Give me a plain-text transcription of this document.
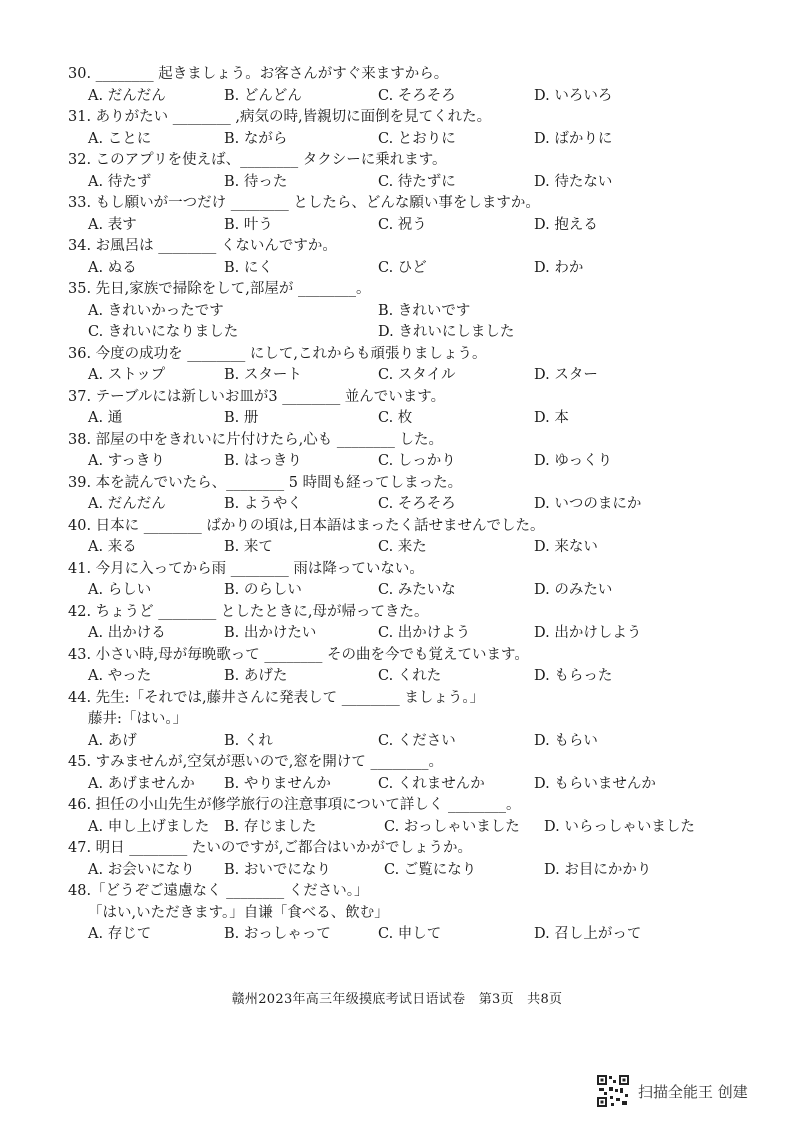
30. ________ 起きましょう。お客さんがすぐ来ますから。
A. だんだん	B. どんどん	C. そろそろ	D. いろいろ
31. ありがたい ________ ,病気の時,皆親切に面倒を見てくれた。
A. ことに	B. ながら	C. とおりに	D. ばかりに
32. このアプリを使えば、________ タクシーに乗れます。
A. 待たず	B. 待った	C. 待たずに	D. 待たない
33. もし願いが一つだけ ________ としたら、どんな願い事をしますか。
A. 表す	B. 叶う	C. 祝う	D. 抱える
34. お風呂は ________ くないんですか。
A. ぬる	B. にく	C. ひど	D. わか
35. 先日,家族で掃除をして,部屋が ________。
A. きれいかったです	B. きれいです
C. きれいになりました	D. きれいにしました
36. 今度の成功を ________ にして,これからも頑張りましょう。
A. ストップ	B. スタート	C. スタイル	D. スター
37. テーブルには新しいお皿が3 ________ 並んでいます。
A. 通	B. 册	C. 枚	D. 本
38. 部屋の中をきれいに片付けたら,心も ________ した。
A. すっきり	B. はっきり	C. しっかり	D. ゆっくり
39. 本を読んでいたら、________ 5 時間も経ってしまった。
A. だんだん	B. ようやく	C. そろそろ	D. いつのまにか
40. 日本に ________ ばかりの頃は,日本語はまったく話せませんでした。
A. 来る	B. 来て	C. 来た	D. 来ない
41. 今月に入ってから雨 ________ 雨は降っていない。
A. らしい	B. のらしい	C. みたいな	D. のみたい
42. ちょうど ________ としたときに,母が帰ってきた。
A. 出かける	B. 出かけたい	C. 出かけよう	D. 出かけしよう
43. 小さい時,母が毎晩歌って ________ その曲を今でも覚えています。
A. やった	B. あげた	C. くれた	D. もらった
44. 先生:「それでは,藤井さんに発表して ________ ましょう。」
藤井:「はい。」
A. あげ	B. くれ	C. ください	D. もらい
45. すみませんが,空気が悪いので,窓を開けて ________。
A. あげませんか B. やりませんか	C. くれませんか	D. もらいませんか
46. 担任の小山先生が修学旅行の注意事項について詳しく ________。
A. 申し上げました B. 存じました	C. おっしゃいました D. いらっしゃいました
47. 明日 ________ たいのですが,ご都合はいかがでしょうか。
A. お会いになり B. おいでになり	C. ご覧になり	D. お目にかかり
48.「どうぞご遠慮なく ________ ください。」
「はい,いただきます。」自谦「食べる、飲む」
A. 存じて	B. おっしゃって	C. 申して	D. 召し上がって
赣州2023年高三年级摸底考试日语试卷　第3页　共8页
扫描全能王 创建
